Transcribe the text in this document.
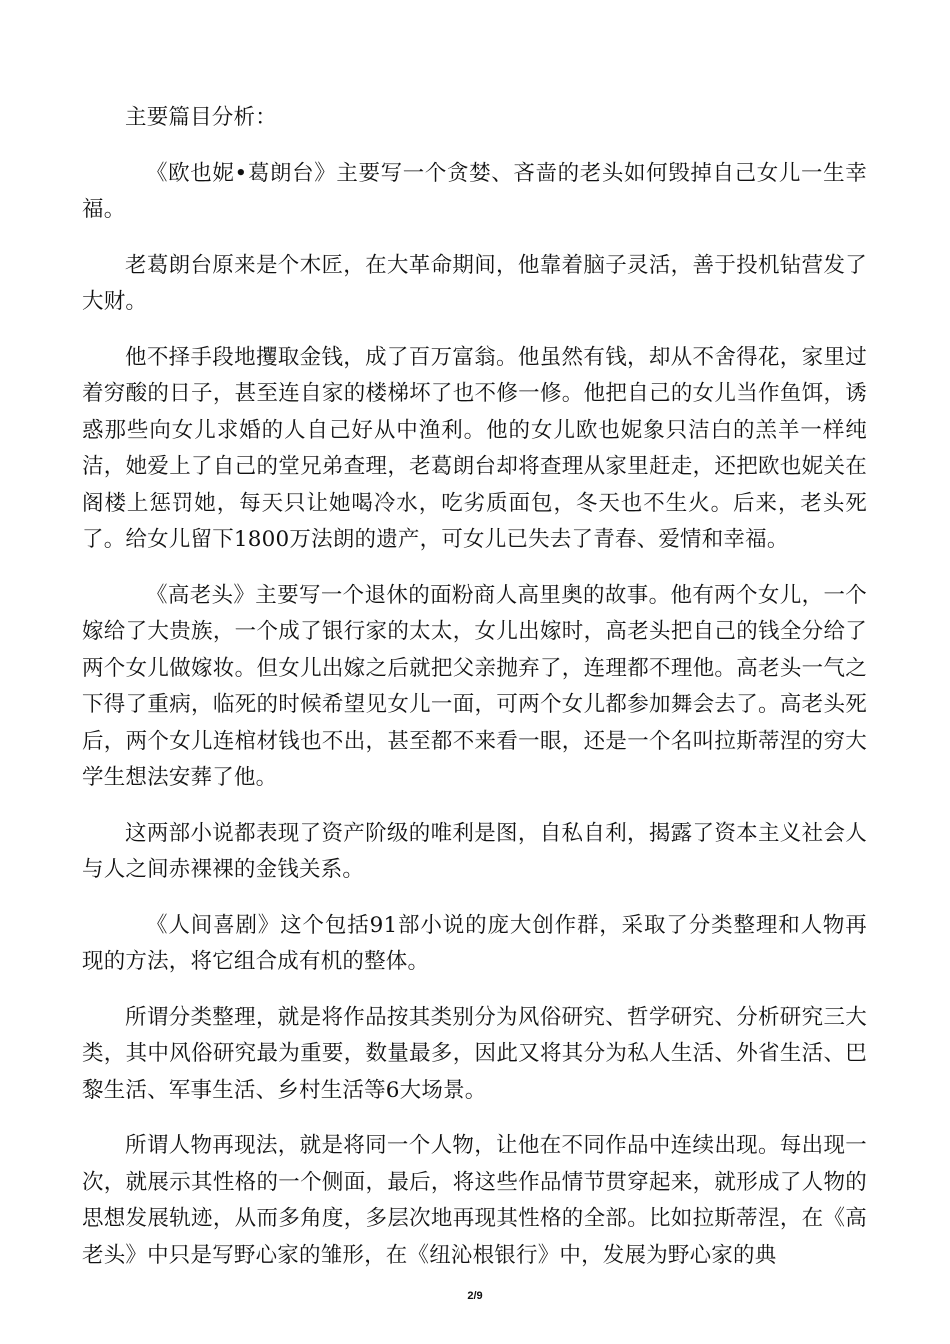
主要篇目分析：

《欧也妮•葛朗台》主要写一个贪婪、吝啬的老头如何毁掉自己女儿一生幸福。

老葛朗台原来是个木匠，在大革命期间，他靠着脑子灵活，善于投机钻营发了大财。

他不择手段地攫取金钱，成了百万富翁。他虽然有钱，却从不舍得花，家里过着穷酸的日子，甚至连自家的楼梯坏了也不修一修。他把自己的女儿当作鱼饵，诱惑那些向女儿求婚的人自己好从中渔利。他的女儿欧也妮象只洁白的羔羊一样纯洁，她爱上了自己的堂兄弟查理，老葛朗台却将查理从家里赶走，还把欧也妮关在阁楼上惩罚她，每天只让她喝冷水，吃劣质面包，冬天也不生火。后来，老头死了。给女儿留下1800万法朗的遗产，可女儿已失去了青春、爱情和幸福。

《高老头》主要写一个退休的面粉商人高里奥的故事。他有两个女儿，一个嫁给了大贵族，一个成了银行家的太太，女儿出嫁时，高老头把自己的钱全分给了两个女儿做嫁妆。但女儿出嫁之后就把父亲抛弃了，连理都不理他。高老头一气之下得了重病，临死的时候希望见女儿一面，可两个女儿都参加舞会去了。高老头死后，两个女儿连棺材钱也不出，甚至都不来看一眼，还是一个名叫拉斯蒂涅的穷大学生想法安葬了他。

这两部小说都表现了资产阶级的唯利是图，自私自利，揭露了资本主义社会人与人之间赤裸裸的金钱关系。

《人间喜剧》这个包括91部小说的庞大创作群，采取了分类整理和人物再现的方法，将它组合成有机的整体。

所谓分类整理，就是将作品按其类别分为风俗研究、哲学研究、分析研究三大类，其中风俗研究最为重要，数量最多，因此又将其分为私人生活、外省生活、巴黎生活、军事生活、乡村生活等6大场景。

所谓人物再现法，就是将同一个人物，让他在不同作品中连续出现。每出现一次，就展示其性格的一个侧面，最后，将这些作品情节贯穿起来，就形成了人物的思想发展轨迹，从而多角度，多层次地再现其性格的全部。比如拉斯蒂涅，在《高老头》中只是写野心家的雏形，在《纽沁根银行》中，发展为野心家的典

2/9
